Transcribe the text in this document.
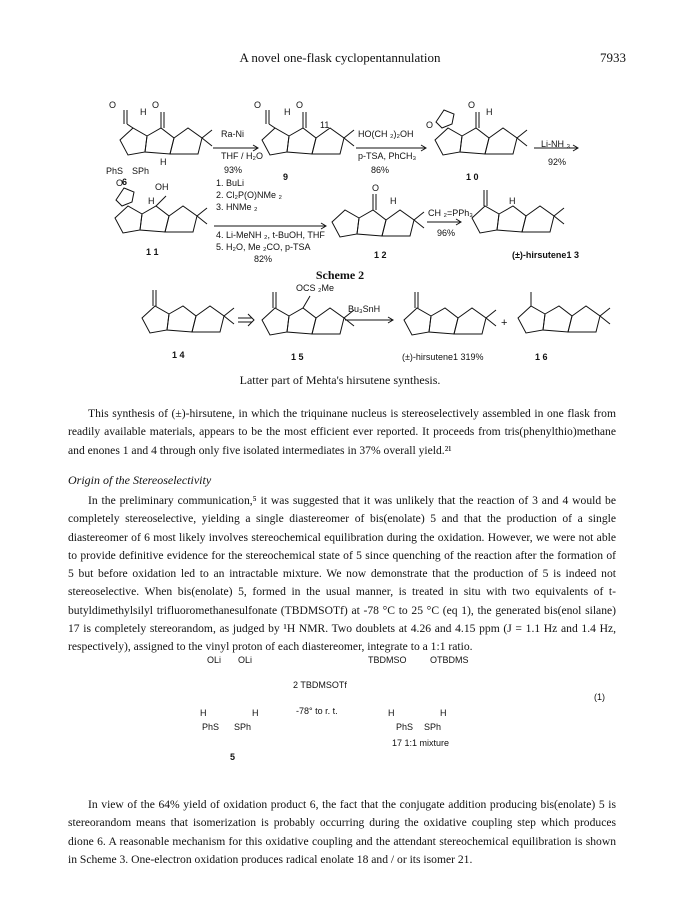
A novel one-flask cyclopentannulation	7933
O	O
H
PhS SPh
H
6
Ra-Ni
THF / H₂O
93%
O	O
H
11
9
HO(CH ₂)₂OH
p-TSA, PhCH₃
86%
O
O
H
1 0
Li-NH ₃
92%
O	OH
H
1 1
1. BuLi
2. Cl₂P(O)NMe ₂
3. HNMe ₂
4. Li-MeNH ₂, t-BuOH, THF
5. H₂O, Me ₂CO, p-TSA
82%
O
H
1 2
CH ₂=PPh₃
96%
H
(±)-hirsutene1 3
Scheme 2
1 4
OCS ₂Me
1 5
Bu₃SnH
(±)-hirsutene1 319%
+
1 6
Latter part of Mehta's hirsutene synthesis.

This synthesis of (±)-hirsutene, in which the triquinane nucleus is stereoselectively assembled in one flask from readily available materials, appears to be the most efficient ever reported. It proceeds from tris(phenylthio)methane and enones 1 and 4 through only five isolated intermediates in 37% overall yield.²¹

Origin of the Stereoselectivity

In the preliminary communication,⁵ it was suggested that it was unlikely that the reaction of 3 and 4 would be completely stereoselective, yielding a single diastereomer of bis(enolate) 5 and that the production of a single diastereomer of 6 most likely involves stereochemical equilibration during the oxidation. However, we were not able to provide definitive evidence for the stereochemical state of 5 since quenching of the reaction after the formation of 5 but before oxidation led to an intractable mixture. We now demonstrate that the production of 5 is indeed not stereoselective. When bis(enolate) 5, formed in the usual manner, is treated in situ with two equivalents of t-butyldimethylsilyl trifluoromethanesulfonate (TBDMSOTf) at -78 °C to 25 °C (eq 1), the generated bis(enol silane) 17 is completely stereorandom, as judged by ¹H NMR. Two doublets at 4.26 and 4.15 ppm (J = 1.1 Hz and 1.4 Hz, respectively), assigned to the vinyl proton of each diastereomer, integrate to a 1:1 ratio.

OLi OLi
H	H
PhS SPh
5
2 TBDMSOTf
-78° to r. t.
TBDMSO	OTBDMS
H	H
PhS SPh
17 1:1 mixture
(1)

In view of the 64% yield of oxidation product 6, the fact that the conjugate addition producing bis(enolate) 5 is stereorandom means that isomerization is probably occurring during the oxidative coupling step which produces dione 6. A reasonable mechanism for this oxidative coupling and the attendant stereochemical equilibration is shown in Scheme 3. One-electron oxidation produces radical enolate 18 and / or its isomer 21.
